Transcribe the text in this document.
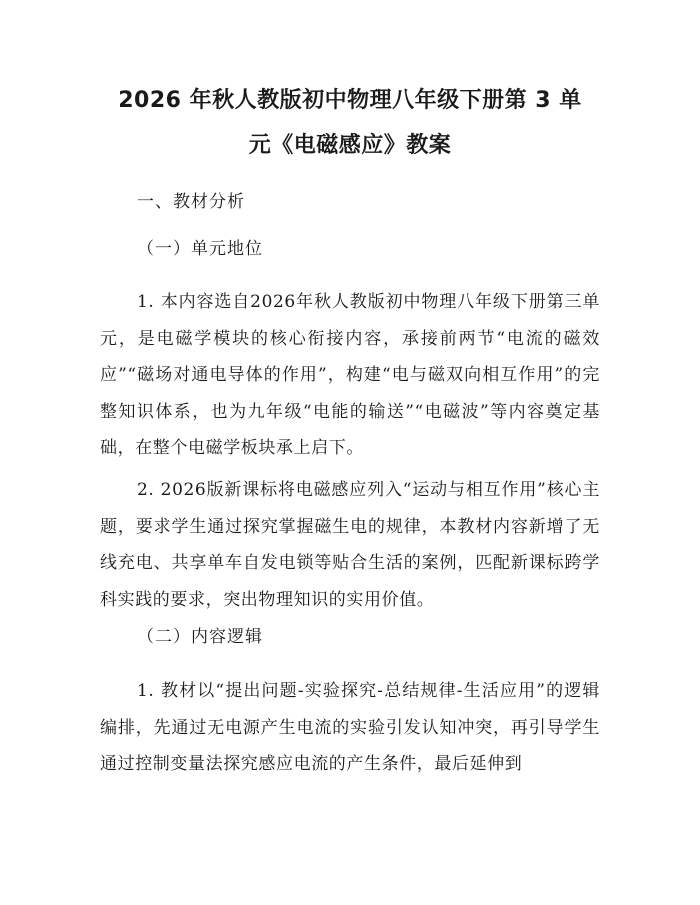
2026 年秋人教版初中物理八年级下册第 3 单
元《电磁感应》教案
一、教材分析
（一）单元地位
1. 本内容选自2026年秋人教版初中物理八年级下册第三单元，是电磁学模块的核心衔接内容，承接前两节“电流的磁效应”“磁场对通电导体的作用”，构建“电与磁双向相互作用”的完整知识体系，也为九年级“电能的输送”“电磁波”等内容奠定基础，在整个电磁学板块承上启下。
2. 2026版新课标将电磁感应列入“运动与相互作用”核心主题，要求学生通过探究掌握磁生电的规律，本教材内容新增了无线充电、共享单车自发电锁等贴合生活的案例，匹配新课标跨学科实践的要求，突出物理知识的实用价值。
（二）内容逻辑
1. 教材以“提出问题-实验探究-总结规律-生活应用”的逻辑编排，先通过无电源产生电流的实验引发认知冲突，再引导学生通过控制变量法探究感应电流的产生条件，最后延伸到
